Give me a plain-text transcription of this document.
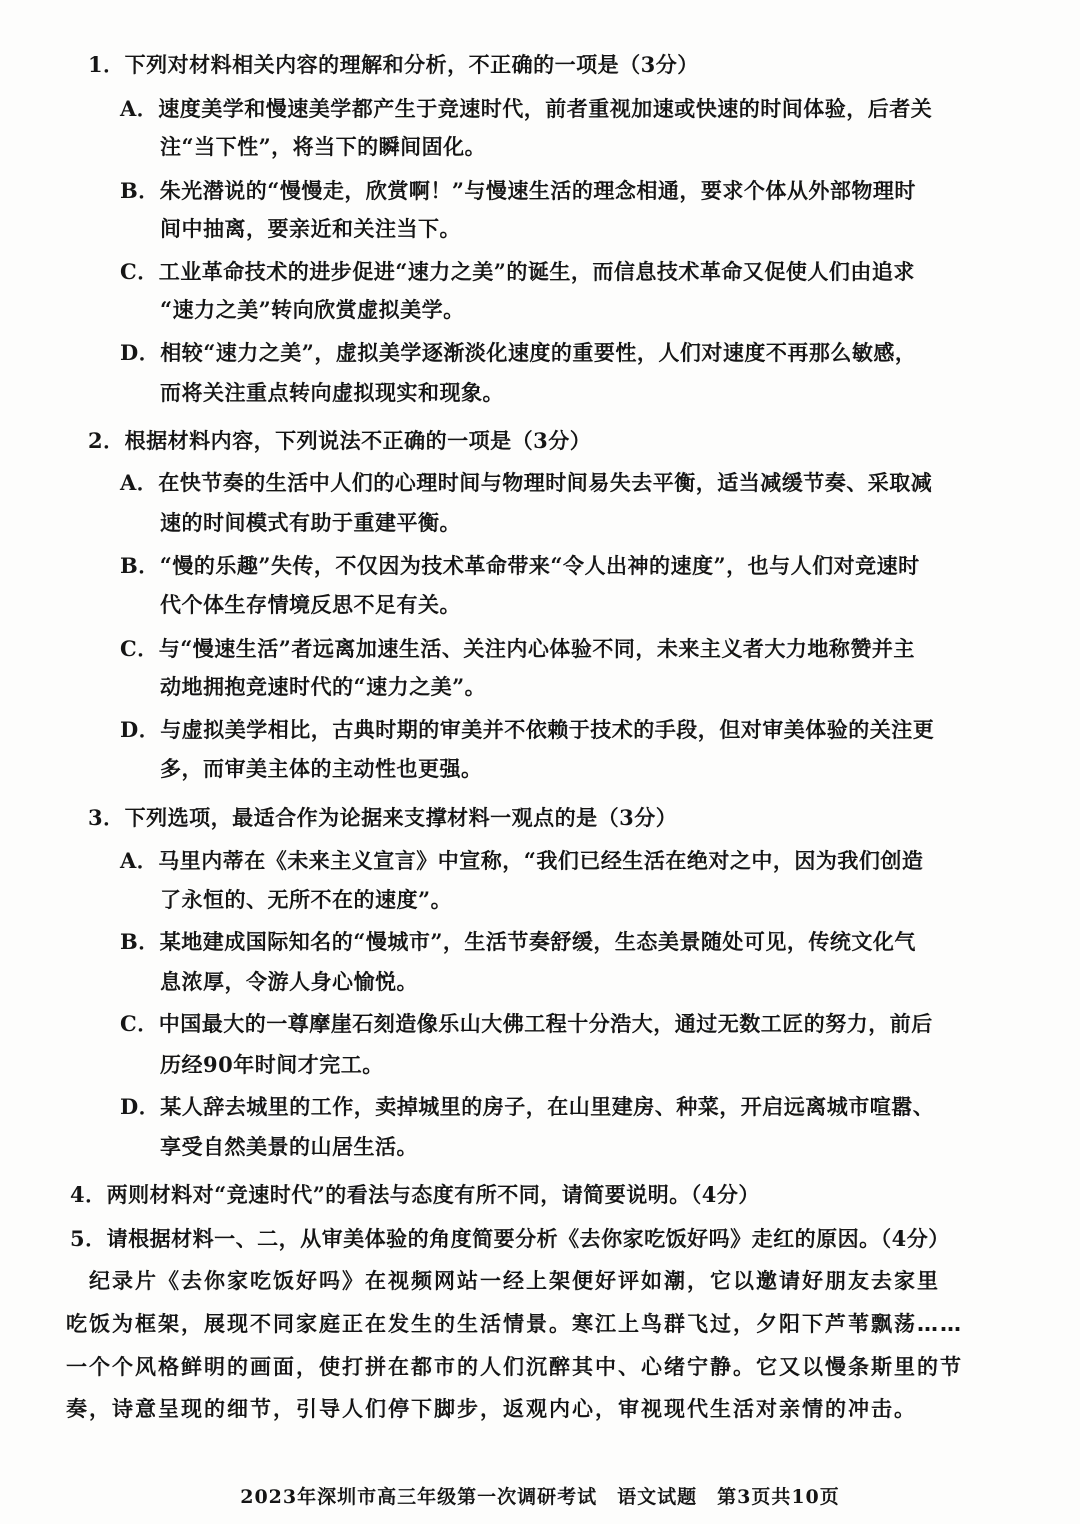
1．下列对材料相关内容的理解和分析，不正确的一项是（3分）
A．速度美学和慢速美学都产生于竞速时代，前者重视加速或快速的时间体验，后者关
注“当下性”，将当下的瞬间固化。
B．朱光潜说的“慢慢走，欣赏啊！”与慢速生活的理念相通，要求个体从外部物理时
间中抽离，要亲近和关注当下。
C．工业革命技术的进步促进“速力之美”的诞生，而信息技术革命又促使人们由追求
“速力之美”转向欣赏虚拟美学。
D．相较“速力之美”，虚拟美学逐渐淡化速度的重要性，人们对速度不再那么敏感，
而将关注重点转向虚拟现实和现象。
2．根据材料内容，下列说法不正确的一项是（3分）
A．在快节奏的生活中人们的心理时间与物理时间易失去平衡，适当减缓节奏、采取减
速的时间模式有助于重建平衡。
B．“慢的乐趣”失传，不仅因为技术革命带来“令人出神的速度”，也与人们对竞速时
代个体生存情境反思不足有关。
C．与“慢速生活”者远离加速生活、关注内心体验不同，未来主义者大力地称赞并主
动地拥抱竞速时代的“速力之美”。
D．与虚拟美学相比，古典时期的审美并不依赖于技术的手段，但对审美体验的关注更
多，而审美主体的主动性也更强。
3．下列选项，最适合作为论据来支撑材料一观点的是（3分）
A．马里内蒂在《未来主义宣言》中宣称，“我们已经生活在绝对之中，因为我们创造
了永恒的、无所不在的速度”。
B．某地建成国际知名的“慢城市”，生活节奏舒缓，生态美景随处可见，传统文化气
息浓厚，令游人身心愉悦。
C．中国最大的一尊摩崖石刻造像乐山大佛工程十分浩大，通过无数工匠的努力，前后
历经90年时间才完工。
D．某人辞去城里的工作，卖掉城里的房子，在山里建房、种菜，开启远离城市喧嚣、
享受自然美景的山居生活。
4．两则材料对“竞速时代”的看法与态度有所不同，请简要说明。（4分）
5．请根据材料一、二，从审美体验的角度简要分析《去你家吃饭好吗》走红的原因。（4分）
　纪录片《去你家吃饭好吗》在视频网站一经上架便好评如潮，它以邀请好朋友去家里
吃饭为框架，展现不同家庭正在发生的生活情景。寒江上鸟群飞过，夕阳下芦苇飘荡……
一个个风格鲜明的画面，使打拼在都市的人们沉醉其中、心绪宁静。它又以慢条斯里的节
奏，诗意呈现的细节，引导人们停下脚步，返观内心，审视现代生活对亲情的冲击。
2023年深圳市高三年级第一次调研考试　语文试题　第3页共10页
